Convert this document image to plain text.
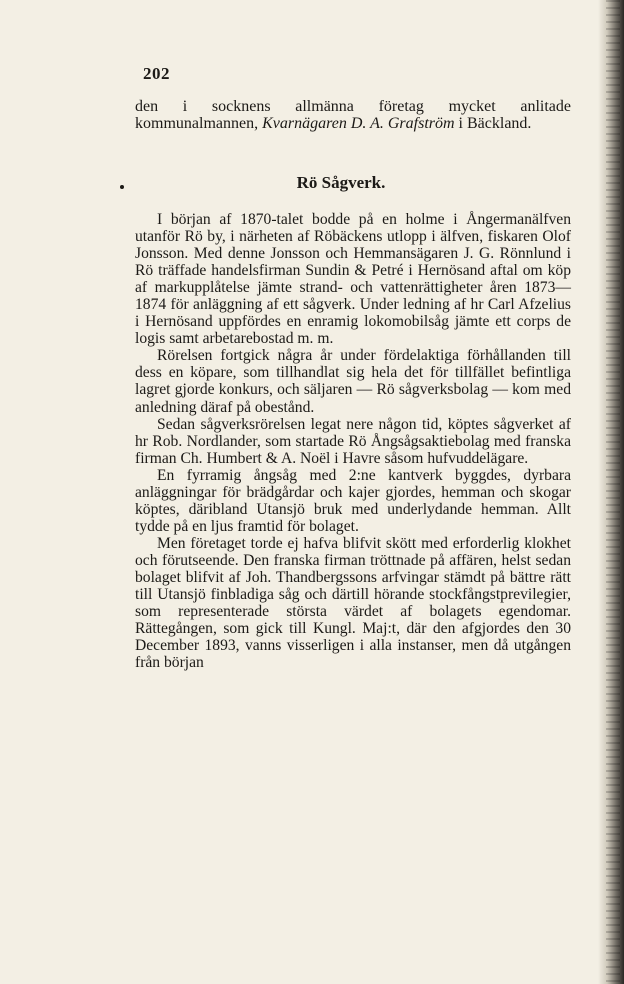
202

den i socknens allmänna företag mycket anlitade kommunalmannen, Kvarnägaren D. A. Grafström i Bäckland.

Rö Sågverk.

I början af 1870-talet bodde på en holme i Ångermanälfven utanför Rö by, i närheten af Röbäckens utlopp i älfven, fiskaren Olof Jonsson. Med denne Jonsson och Hemmansägaren J. G. Rönnlund i Rö träffade handelsfirman Sundin & Petré i Hernösand aftal om köp af markupplåtelse jämte strand- och vattenrättigheter åren 1873—1874 för anläggning af ett sågverk. Under ledning af hr Carl Afzelius i Hernösand uppfördes en enramig lokomobilsåg jämte ett corps de logis samt arbetarebostad m. m.

Rörelsen fortgick några år under fördelaktiga förhållanden till dess en köpare, som tillhandlat sig hela det för tillfället befintliga lagret gjorde konkurs, och säljaren — Rö sågverksbolag — kom med anledning däraf på obestånd.

Sedan sågverksrörelsen legat nere någon tid, köptes sågverket af hr Rob. Nordlander, som startade Rö Ångsågsaktiebolag med franska firman Ch. Humbert & A. Noël i Havre såsom hufvuddelägare.

En fyrramig ångsåg med 2:ne kantverk byggdes, dyrbara anläggningar för brädgårdar och kajer gjordes, hemman och skogar köptes, däribland Utansjö bruk med underlydande hemman. Allt tydde på en ljus framtid för bolaget.

Men företaget torde ej hafva blifvit skött med erforderlig klokhet och förutseende. Den franska firman tröttnade på affären, helst sedan bolaget blifvit af Joh. Thandbergssons arfvingar stämdt på bättre rätt till Utansjö finbladiga såg och därtill hörande stockfångstprevilegier, som representerade största värdet af bolagets egendomar. Rättegången, som gick till Kungl. Maj:t, där den afgjordes den 30 December 1893, vanns visserligen i alla instanser, men då utgången från början
